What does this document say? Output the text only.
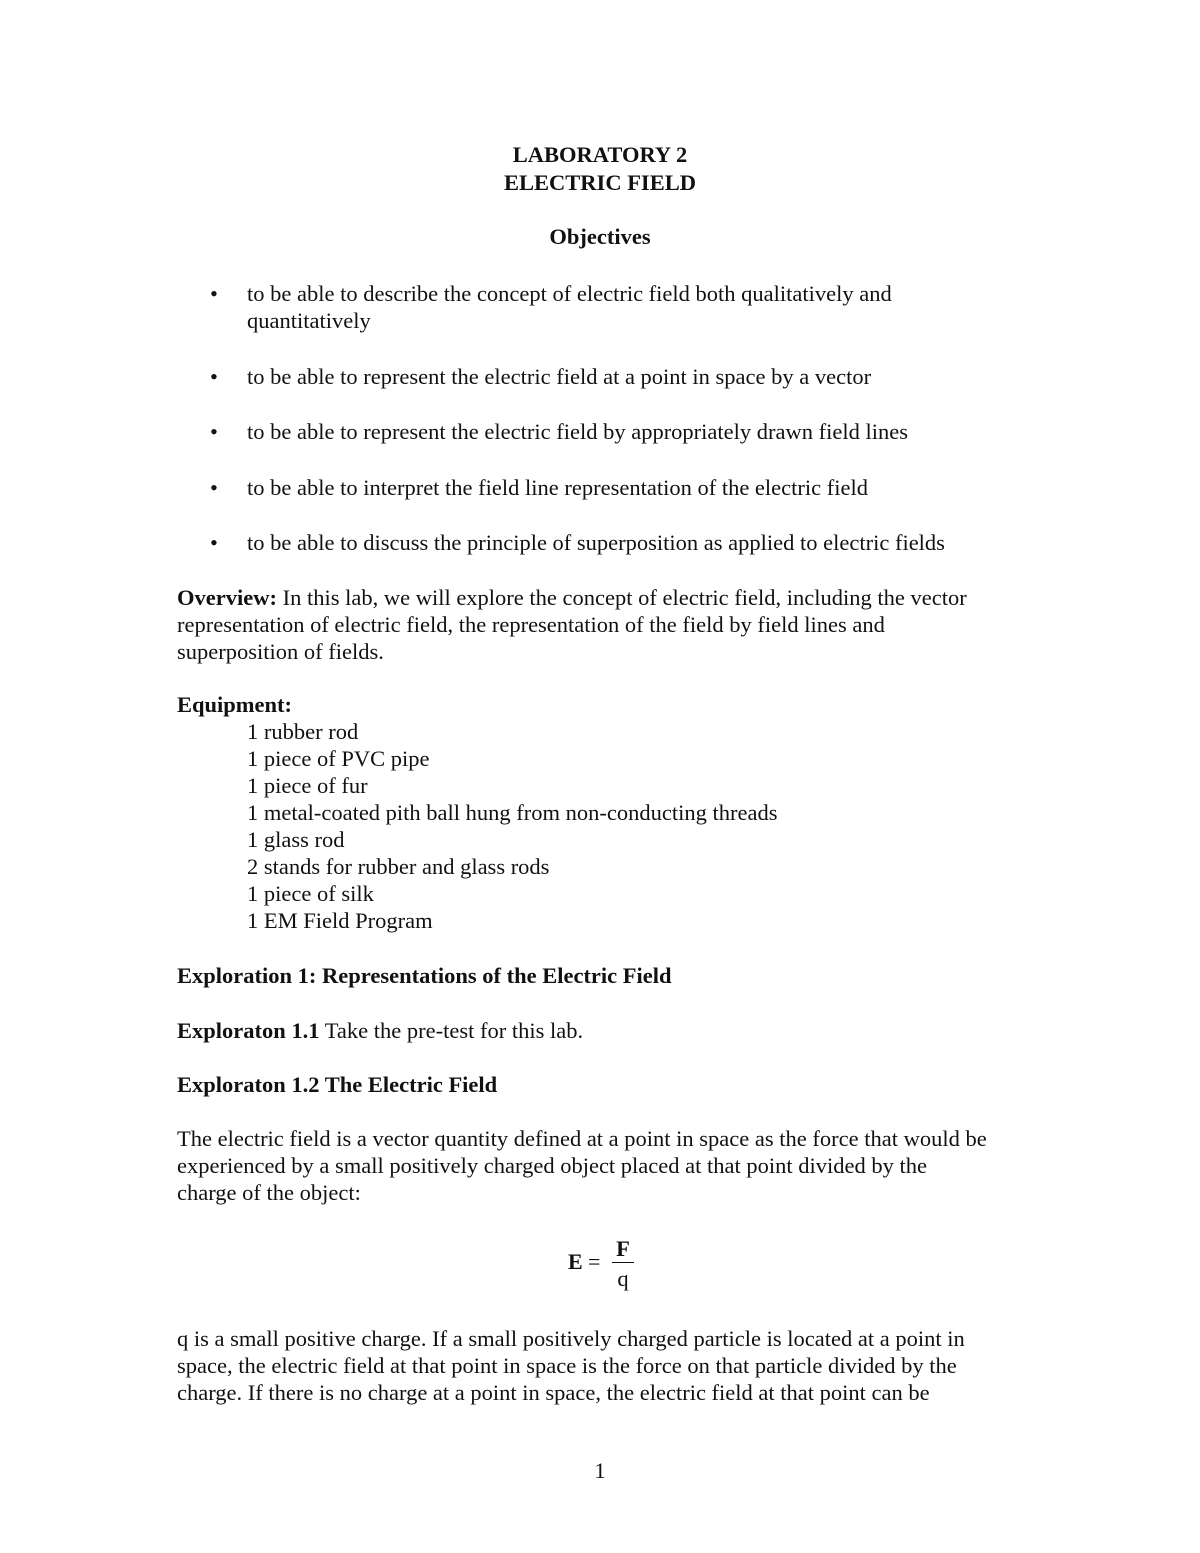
LABORATORY 2
ELECTRIC FIELD
Objectives
• to be able to describe the concept of electric field both qualitatively and
quantitatively
• to be able to represent the electric field at a point in space by a vector
• to be able to represent the electric field by appropriately drawn field lines
• to be able to interpret the field line representation of the electric field
• to be able to discuss the principle of superposition as applied to electric fields
Overview: In this lab, we will explore the concept of electric field, including the vector
representation of electric field, the representation of the field by field lines and
superposition of fields.
Equipment:
1 rubber rod
1 piece of PVC pipe
1 piece of fur
1 metal-coated pith ball hung from non-conducting threads
1 glass rod
2 stands for rubber and glass rods
1 piece of silk
1 EM Field Program
Exploration 1: Representations of the Electric Field
Exploraton 1.1 Take the pre-test for this lab.
Exploraton 1.2 The Electric Field
The electric field is a vector quantity defined at a point in space as the force that would be
experienced by a small positively charged object placed at that point divided by the
charge of the object:
E =
F
q
q is a small positive charge. If a small positively charged particle is located at a point in
space, the electric field at that point in space is the force on that particle divided by the
charge. If there is no charge at a point in space, the electric field at that point can be
1
